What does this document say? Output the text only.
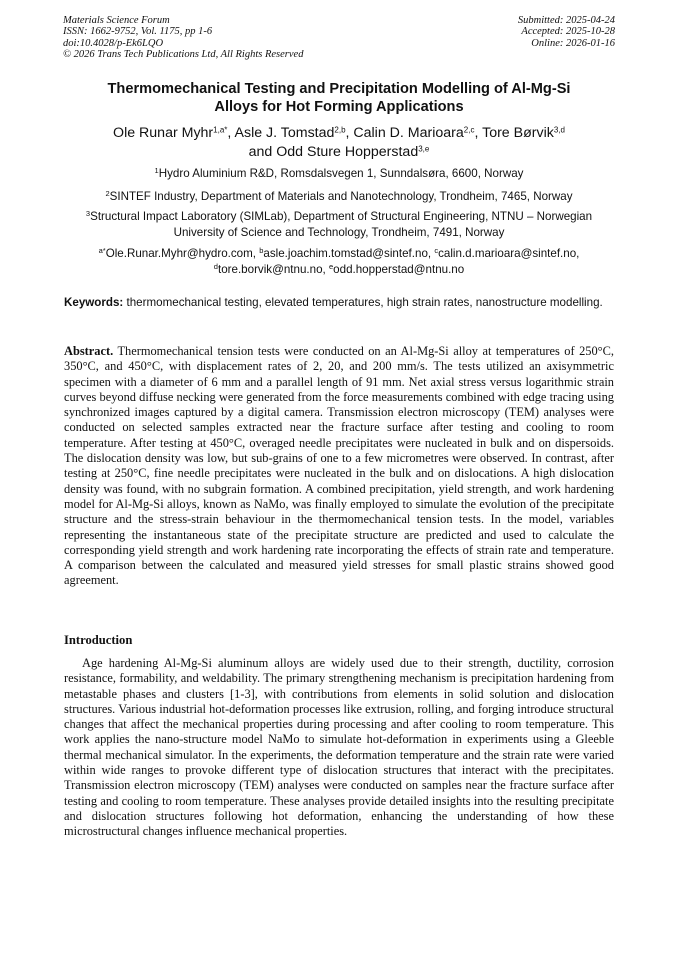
Materials Science Forum
ISSN: 1662-9752, Vol. 1175, pp 1-6
doi:10.4028/p-Ek6LQO
© 2026 Trans Tech Publications Ltd, All Rights Reserved
Submitted: 2025-04-24
Accepted: 2025-10-28
Online: 2026-01-16
Thermomechanical Testing and Precipitation Modelling of Al-Mg-Si
Alloys for Hot Forming Applications
Ole Runar Myhr$^{1,a*}$, Asle J. Tomstad$^{2,b}$, Calin D. Marioara$^{2,c}$, Tore Børvik$^{3,d}$
and Odd Sture Hopperstad$^{3,e}$
$^1$Hydro Aluminium R&D, Romsdalsvegen 1, Sunndalsøra, 6600, Norway
$^2$SINTEF Industry, Department of Materials and Nanotechnology, Trondheim, 7465, Norway
$^3$Structural Impact Laboratory (SIMLab), Department of Structural Engineering, NTNU – Norwegian
University of Science and Technology, Trondheim, 7491, Norway
$^{a*}$Ole.Runar.Myhr@hydro.com, $^b$asle.joachim.tomstad@sintef.no, $^c$calin.d.marioara@sintef.no,
$^d$tore.borvik@ntnu.no, $^e$odd.hopperstad@ntnu.no
Keywords: thermomechanical testing, elevated temperatures, high strain rates, nanostructure modelling.
Abstract. Thermomechanical tension tests were conducted on an Al-Mg-Si alloy at temperatures of 250°C, 350°C, and 450°C, with displacement rates of 2, 20, and 200 mm/s. The tests utilized an axisymmetric specimen with a diameter of 6 mm and a parallel length of 91 mm. Net axial stress versus logarithmic strain curves beyond diffuse necking were generated from the force measurements combined with edge tracing using synchronized images captured by a digital camera. Transmission electron microscopy (TEM) analyses were conducted on selected samples extracted near the fracture surface after testing and cooling to room temperature. After testing at 450°C, overaged needle precipitates were nucleated in bulk and on dispersoids. The dislocation density was low, but sub-grains of one to a few micrometres were observed. In contrast, after testing at 250°C, fine needle precipitates were nucleated in the bulk and on dislocations. A high dislocation density was found, with no subgrain formation. A combined precipitation, yield strength, and work hardening model for Al-Mg-Si alloys, known as NaMo, was finally employed to simulate the evolution of the precipitate structure and the stress-strain behaviour in the thermomechanical tension tests. In the model, variables representing the instantaneous state of the precipitate structure are predicted and used to calculate the corresponding yield strength and work hardening rate incorporating the effects of strain rate and temperature. A comparison between the calculated and measured yield stresses for small plastic strains showed good agreement.
Introduction
Age hardening Al-Mg-Si aluminum alloys are widely used due to their strength, ductility, corrosion resistance, formability, and weldability. The primary strengthening mechanism is precipitation hardening from metastable phases and clusters [1-3], with contributions from elements in solid solution and dislocation structures. Various industrial hot-deformation processes like extrusion, rolling, and forging introduce structural changes that affect the mechanical properties during processing and after cooling to room temperature. This work applies the nano-structure model NaMo to simulate hot-deformation in experiments using a Gleeble thermal mechanical simulator. In the experiments, the deformation temperature and the strain rate were varied within wide ranges to provoke different type of dislocation structures that interact with the precipitates. Transmission electron microscopy (TEM) analyses were conducted on samples near the fracture surface after testing and cooling to room temperature. These analyses provide detailed insights into the resulting precipitate and dislocation structures following hot deformation, enhancing the understanding of how these microstructural changes influence mechanical properties.
